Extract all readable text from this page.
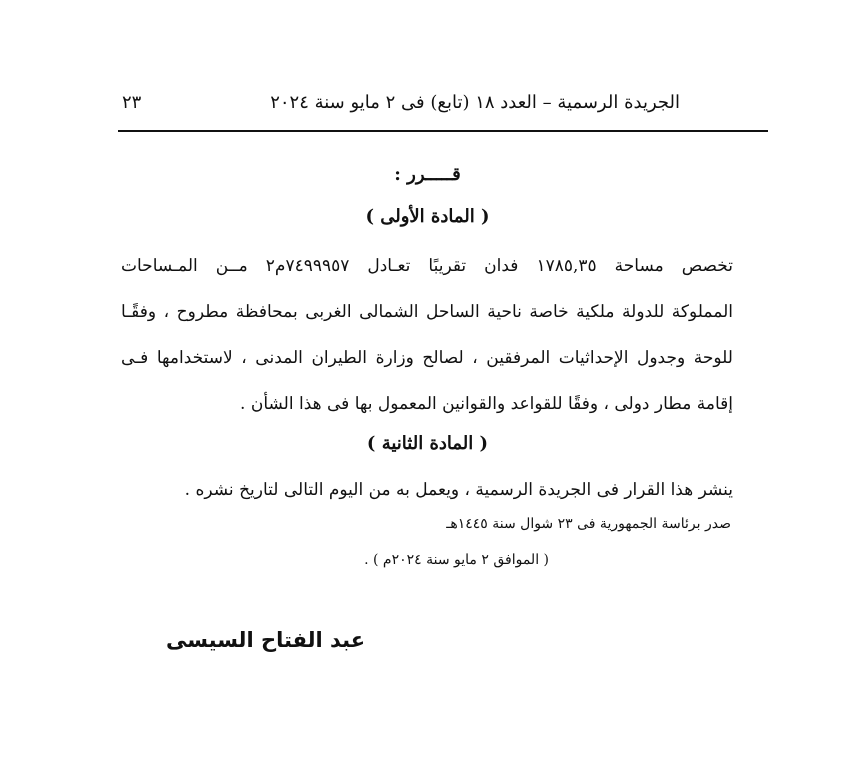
الجريدة الرسمية – العدد ١٨ (تابع) فى ٢ مايو سنة ٢٠٢٤
٢٣
قـــــرر :
( المادة الأولى )
تخصص مساحة ١٧٨٥,٣٥ فدان تقريبًا تعـادل ٧٤٩٩٩٥٧م٢ مــن المـساحات
المملوكة للدولة ملكية خاصة ناحية الساحل الشمالى الغربى بمحافظة مطروح ، وفقًـا
للوحة وجدول الإحداثيات المرفقين ، لصالح وزارة الطيران المدنى ، لاستخدامها فـى
إقامة مطار دولى ، وفقًا للقواعد والقوانين المعمول بها فى هذا الشأن .
( المادة الثانية )
ينشر هذا القرار فى الجريدة الرسمية ، ويعمل به من اليوم التالى لتاريخ نشره .
صدر برئاسة الجمهورية فى ٢٣ شوال سنة ١٤٤٥هـ
( الموافق ٢ مايو سنة ٢٠٢٤م ) .
عبد الفتاح السيسى
